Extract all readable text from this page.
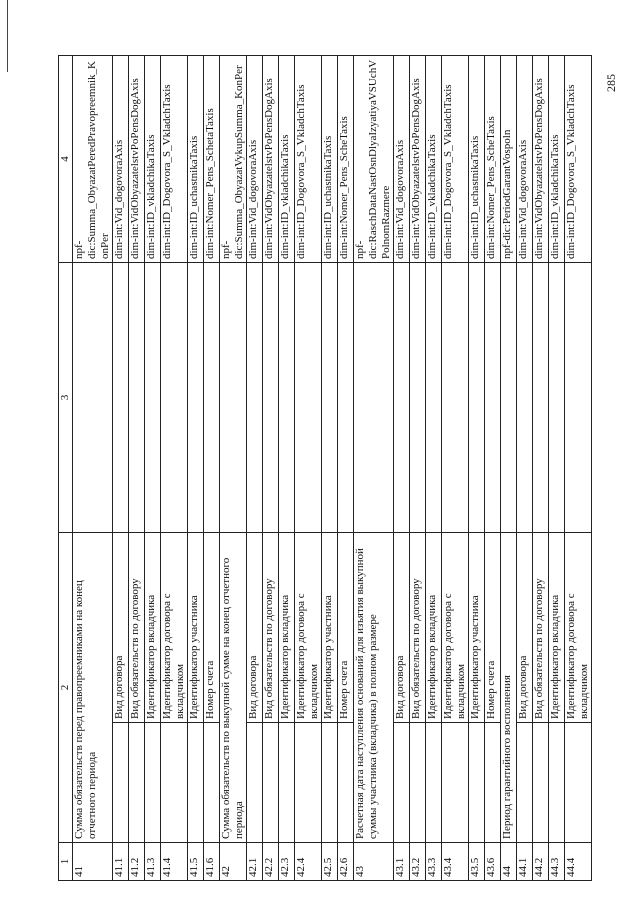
285
1	2		3	4
41	Сумма обязательств перед правопреемниками на конец отчетного периода			npf-dic:Summa_ObyazatPeredPravopreemnik_KonPer
41.1		Вид договора		dim-int:Vid_dogovoraAxis
41.2		Вид обязательств по договору		dim-int:VidObyazatelstvPoPensDogAxis
41.3		Идентификатор вкладчика		dim-int:ID_vkladchikaTaxis
41.4		Идентификатор договора с вкладчиком		dim-int:ID_Dogovora_S_VkladchTaxis
41.5		Идентификатор участника		dim-int:ID_uchastnikaTaxis
41.6		Номер счета		dim-int:Nomer_Pens_SchetaTaxis
42	Сумма обязательств по выкупной сумме на конец отчетного периода			npf-dic:Summa_ObyazatVykupSumma_KonPer
42.1		Вид договора		dim-int:Vid_dogovoraAxis
42.2		Вид обязательств по договору		dim-int:VidObyazatelstvPoPensDogAxis
42.3		Идентификатор вкладчика		dim-int:ID_vkladchikaTaxis
42.4		Идентификатор договора с вкладчиком		dim-int:ID_Dogovora_S_VkladchTaxis
42.5		Идентификатор участника		dim-int:ID_uchastnikaTaxis
42.6		Номер счета		dim-int:Nomer_Pens_ScheTaxis
43	Расчетная дата наступления оснований для изъятия выкупной суммы участника (вкладчика) в полном размере			npf-dic:RaschDataNastOsnDlyaIzyatiyaVSUchVPolnomRazmere
43.1		Вид договора		dim-int:Vid_dogovoraAxis
43.2		Вид обязательств по договору		dim-int:VidObyazatelstvPoPensDogAxis
43.3		Идентификатор вкладчика		dim-int:ID_vkladchikaTaxis
43.4		Идентификатор договора с вкладчиком		dim-int:ID_Dogovora_S_VkladchTaxis
43.5		Идентификатор участника		dim-int:ID_uchastnikaTaxis
43.6		Номер счета		dim-int:Nomer_Pens_ScheTaxis
44	Период гарантийного восполнения			npf-dic:PeriodGarantVospoln
44.1		Вид договора		dim-int:Vid_dogovoraAxis
44.2		Вид обязательств по договору		dim-int:VidObyazatelstvPoPensDogAxis
44.3		Идентификатор вкладчика		dim-int:ID_vkladchikaTaxis
44.4		Идентификатор договора с вкладчиком		dim-int:ID_Dogovora_S_VkladchTaxis
